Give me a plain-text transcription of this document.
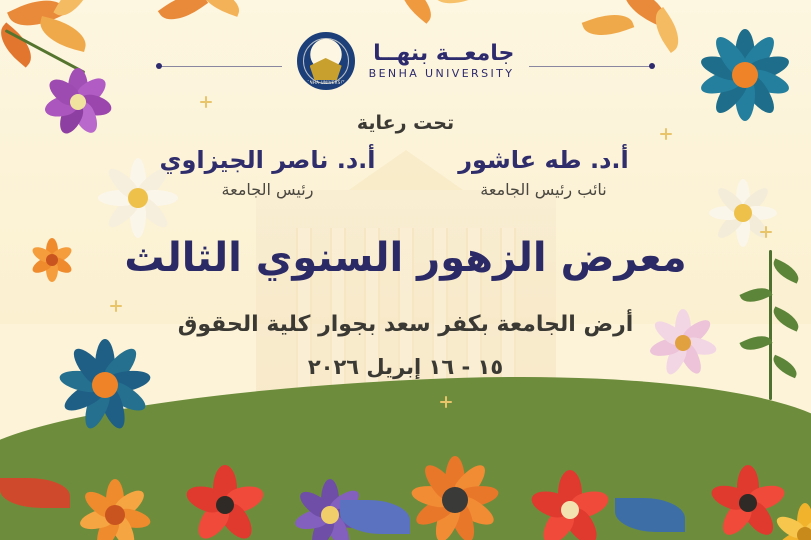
جامعــة بنهــا
BENHA UNIVERSITY
BENHA UNIVERSITY
تحت رعاية
أ.د. طه عاشور
نائب رئيس الجامعة
أ.د. ناصر الجيزاوي
رئيس الجامعة
معرض الزهور السنوي الثالث
أرض الجامعة بكفر سعد بجوار كلية الحقوق
١٥ - ١٦ إبريل ٢٠٢٦
